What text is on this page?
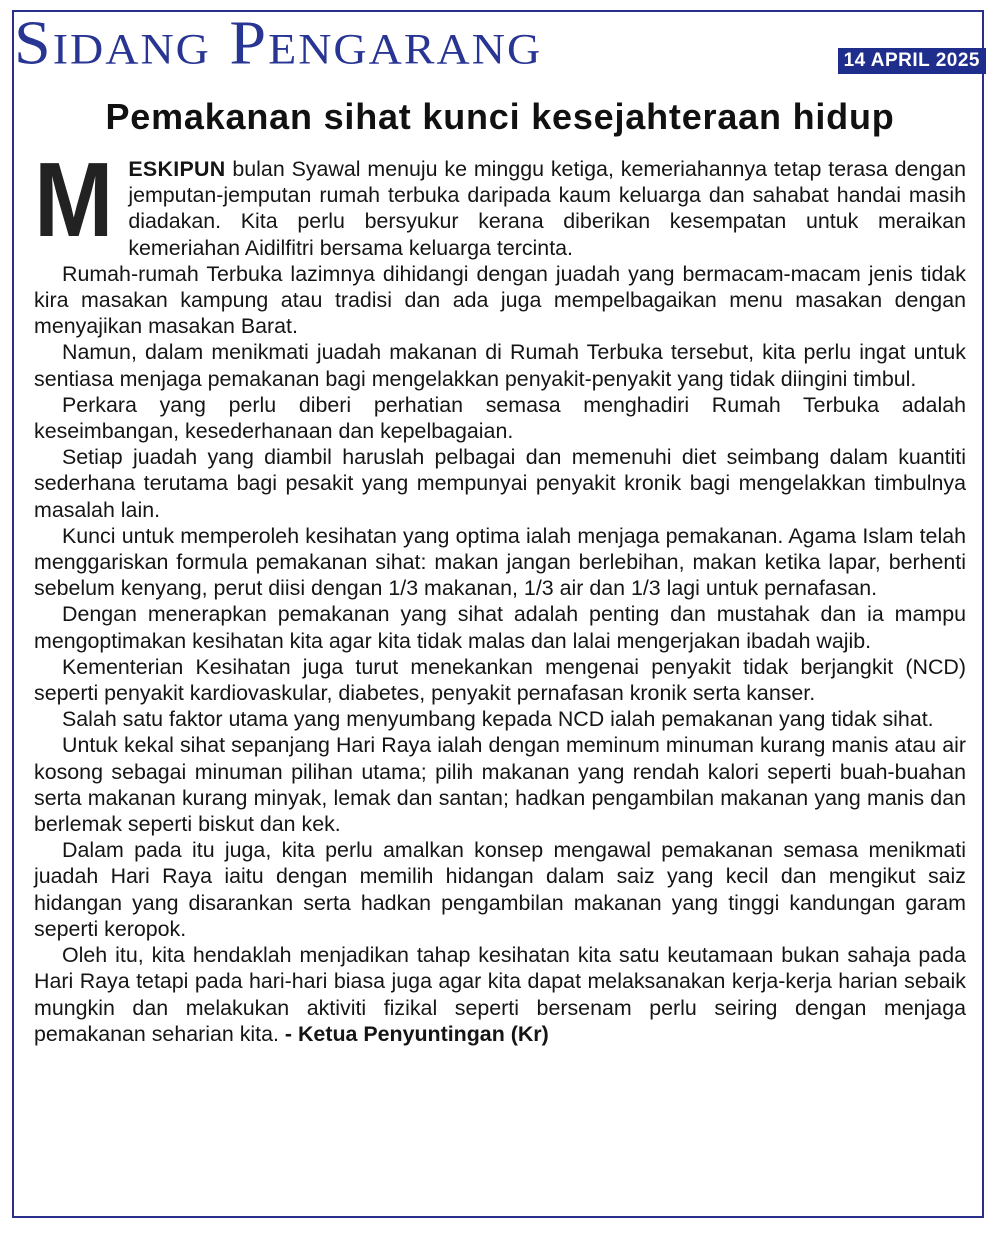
Sidang Pengarang	14 APRIL 2025
Pemakanan sihat kunci kesejahteraan hidup

MESKIPUN bulan Syawal menuju ke minggu ketiga, kemeriahannya tetap terasa dengan jemputan-jemputan rumah terbuka daripada kaum keluarga dan sahabat handai masih diadakan. Kita perlu bersyukur kerana diberikan kesempatan untuk meraikan kemeriahan Aidilfitri bersama keluarga tercinta.

Rumah-rumah Terbuka lazimnya dihidangi dengan juadah yang bermacam-macam jenis tidak kira masakan kampung atau tradisi dan ada juga mempelbagaikan menu masakan dengan menyajikan masakan Barat.

Namun, dalam menikmati juadah makanan di Rumah Terbuka tersebut, kita perlu ingat untuk sentiasa menjaga pemakanan bagi mengelakkan penyakit-penyakit yang tidak diingini timbul.

Perkara yang perlu diberi perhatian semasa menghadiri Rumah Terbuka adalah keseimbangan, kesederhanaan dan kepelbagaian.

Setiap juadah yang diambil haruslah pelbagai dan memenuhi diet seimbang dalam kuantiti sederhana terutama bagi pesakit yang mempunyai penyakit kronik bagi mengelakkan timbulnya masalah lain.

Kunci untuk memperoleh kesihatan yang optima ialah menjaga pemakanan. Agama Islam telah menggariskan formula pemakanan sihat: makan jangan berlebihan, makan ketika lapar, berhenti sebelum kenyang, perut diisi dengan 1/3 makanan, 1/3 air dan 1/3 lagi untuk pernafasan.

Dengan menerapkan pemakanan yang sihat adalah penting dan mustahak dan ia mampu mengoptimakan kesihatan kita agar kita tidak malas dan lalai mengerjakan ibadah wajib.

Kementerian Kesihatan juga turut menekankan mengenai penyakit tidak berjangkit (NCD) seperti penyakit kardiovaskular, diabetes, penyakit pernafasan kronik serta kanser.

Salah satu faktor utama yang menyumbang kepada NCD ialah pemakanan yang tidak sihat.

Untuk kekal sihat sepanjang Hari Raya ialah dengan meminum minuman kurang manis atau air kosong sebagai minuman pilihan utama; pilih makanan yang rendah kalori seperti buah-buahan serta makanan kurang minyak, lemak dan santan; hadkan pengambilan makanan yang manis dan berlemak seperti biskut dan kek.

Dalam pada itu juga, kita perlu amalkan konsep mengawal pemakanan semasa menikmati juadah Hari Raya iaitu dengan memilih hidangan dalam saiz yang kecil dan mengikut saiz hidangan yang disarankan serta hadkan pengambilan makanan yang tinggi kandungan garam seperti keropok.

Oleh itu, kita hendaklah menjadikan tahap kesihatan kita satu keutamaan bukan sahaja pada Hari Raya tetapi pada hari-hari biasa juga agar kita dapat melaksanakan kerja-kerja harian sebaik mungkin dan melakukan aktiviti fizikal seperti bersenam perlu seiring dengan menjaga pemakanan seharian kita. - Ketua Penyuntingan (Kr)
